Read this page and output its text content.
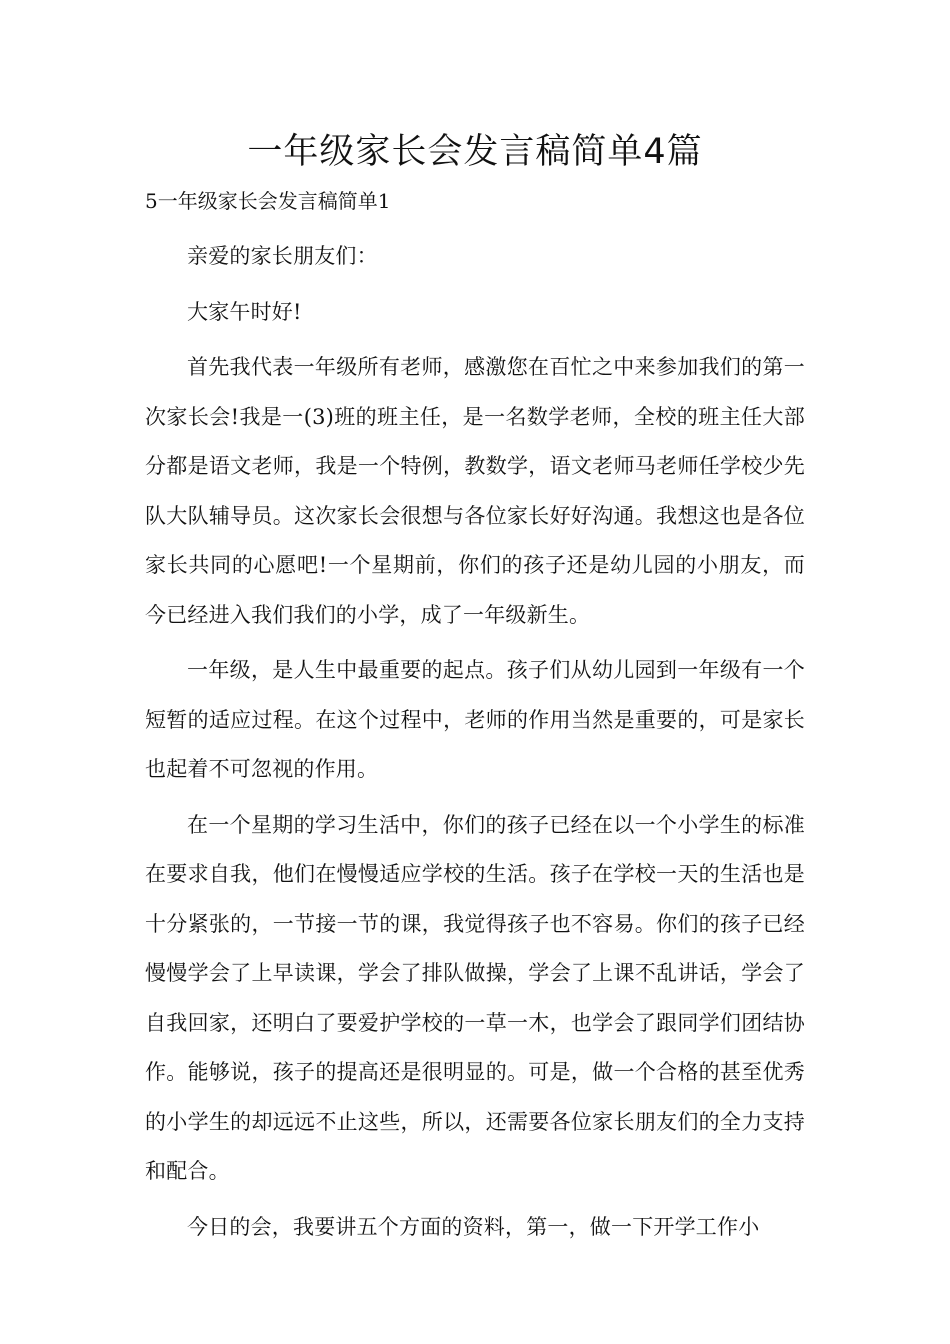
一年级家长会发言稿简单4篇

5一年级家长会发言稿简单1

亲爱的家长朋友们：

大家午时好!

首先我代表一年级所有老师，感激您在百忙之中来参加我们的第一次家长会!我是一(3)班的班主任，是一名数学老师，全校的班主任大部分都是语文老师，我是一个特例，教数学，语文老师马老师任学校少先队大队辅导员。这次家长会很想与各位家长好好沟通。我想这也是各位家长共同的心愿吧!一个星期前，你们的孩子还是幼儿园的小朋友，而今已经进入我们我们的小学，成了一年级新生。

一年级，是人生中最重要的起点。孩子们从幼儿园到一年级有一个短暂的适应过程。在这个过程中，老师的作用当然是重要的，可是家长也起着不可忽视的作用。

在一个星期的学习生活中，你们的孩子已经在以一个小学生的标准在要求自我，他们在慢慢适应学校的生活。孩子在学校一天的生活也是十分紧张的，一节接一节的课，我觉得孩子也不容易。你们的孩子已经慢慢学会了上早读课，学会了排队做操，学会了上课不乱讲话，学会了自我回家，还明白了要爱护学校的一草一木，也学会了跟同学们团结协作。能够说，孩子的提高还是很明显的。可是，做一个合格的甚至优秀的小学生的却远远不止这些，所以，还需要各位家长朋友们的全力支持和配合。

今日的会，我要讲五个方面的资料，第一，做一下开学工作小
